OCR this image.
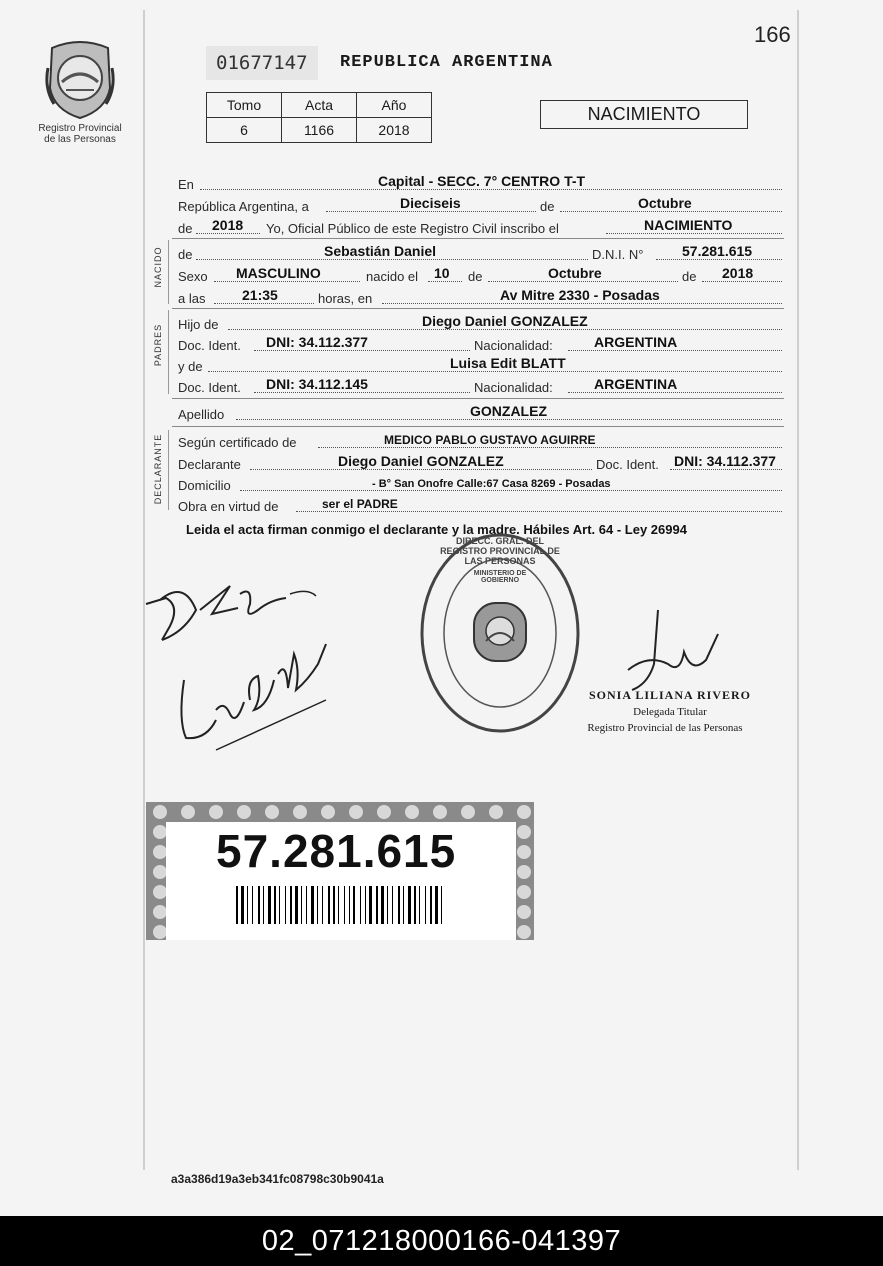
Registro Provincial
de las Personas
166
01677147	REPUBLICA ARGENTINA
Tomo	Acta	Año
6	1166	2018
NACIMIENTO
En	Capital - SECC. 7° CENTRO T-T
República Argentina, a	Dieciseis	de	Octubre
de 2018 Yo, Oficial Público de este Registro Civil inscribo el	NACIMIENTO
NACIDO de	Sebastián Daniel	D.N.I. N°	57.281.615
Sexo MASCULINO	nacido el 10 de	Octubre	de 2018
a las	21:35	horas, en	Av Mitre 2330 - Posadas
PADRES Hijo de	Diego Daniel GONZALEZ
Doc. Ident. DNI: 34.112.377	Nacionalidad:	ARGENTINA
y de	Luisa Edit BLATT
Doc. Ident. DNI: 34.112.145	Nacionalidad:	ARGENTINA
Apellido	GONZALEZ
DECLARANTE Según certificado de	MEDICO PABLO GUSTAVO AGUIRRE
Declarante	Diego Daniel GONZALEZ	Doc. Ident. DNI: 34.112.377
Domicilio	- B° San Onofre Calle:67 Casa 8269 - Posadas
Obra en virtud de	ser el PADRE
Leida el acta firman conmigo el declarante y la madre. Hábiles Art. 64 - Ley 26994
DIRECC. GRAL. DEL REGISTRO PROVINCIAL DE LAS PERSONAS
MINISTERIO DE GOBIERNO
SONIA LILIANA RIVERO
Delegada Titular
Registro Provincial de las Personas
57.281.615
a3a386d19a3eb341fc08798c30b9041a
02_071218000166-041397
